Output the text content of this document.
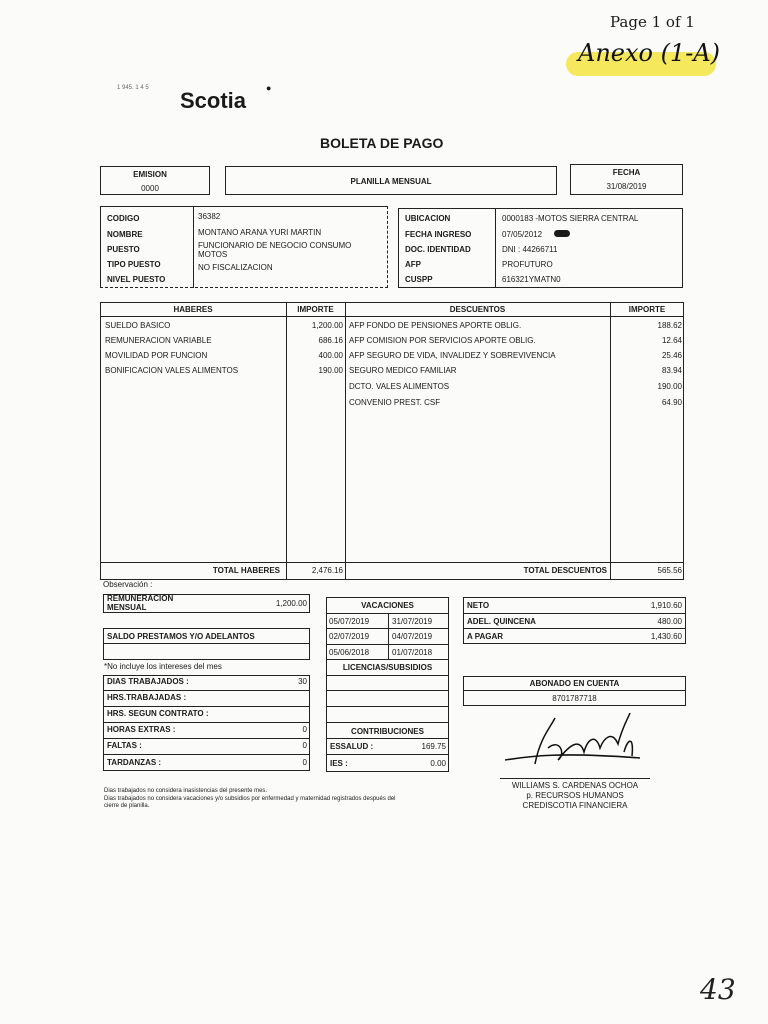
Page 1 of 1
Anexo (1-A)
1 945. 1 4 5 Scotia ●
BOLETA DE PAGO
EMISION
0000
PLANILLA MENSUAL
FECHA
31/08/2019
CODIGO	36382
NOMBRE	MONTANO ARANA YURI MARTIN
PUESTO	FUNCIONARIO DE NEGOCIO CONSUMO
MOTOS
TIPO PUESTO	NO FISCALIZACION
NIVEL PUESTO
UBICACION	0000183 -MOTOS SIERRA CENTRAL
FECHA INGRESO	07/05/2012
DOC. IDENTIDAD	DNI : 44266711
AFP	PROFUTURO
CUSPP	616321YMATN0
HABERES	IMPORTE	DESCUENTOS	IMPORTE
SUELDO BASICO	1,200.00
REMUNERACION VARIABLE	686.16
MOVILIDAD POR FUNCION	400.00
BONIFICACION VALES ALIMENTOS	190.00
AFP FONDO DE PENSIONES APORTE OBLIG.	188.62
AFP COMISION POR SERVICIOS APORTE OBLIG.	12.64
AFP SEGURO DE VIDA, INVALIDEZ Y SOBREVIVENCIA	25.46
SEGURO MEDICO FAMILIAR	83.94
DCTO. VALES ALIMENTOS	190.00
CONVENIO PREST. CSF	64.90
TOTAL HABERES	2,476.16	TOTAL DESCUENTOS	565.56
Observación :
REMUNERACION
MENSUAL	1,200.00
SALDO PRESTAMOS Y/O ADELANTOS
*No incluye los intereses del mes
DIAS TRABAJADOS :	30
HRS.TRABAJADAS :
HRS. SEGUN CONTRATO :
HORAS EXTRAS :	0
FALTAS :	0
TARDANZAS :	0
VACACIONES
05/07/2019	31/07/2019
02/07/2019	04/07/2019
05/06/2018	01/07/2018
LICENCIAS/SUBSIDIOS
CONTRIBUCIONES
ESSALUD :	169.75
IES :	0.00
NETO	1,910.60
ADEL. QUINCENA	480.00
A PAGAR	1,430.60
ABONADO EN CUENTA
8701787718
WILLIAMS S. CARDENAS OCHOA
p. RECURSOS HUMANOS
CREDISCOTIA FINANCIERA
Dias trabajados no considera inasistencias del presente mes.
Dias trabajados no considera vacaciones y/o subsidios por enfermedad y maternidad registrados después del
cierre de planilla.
43
